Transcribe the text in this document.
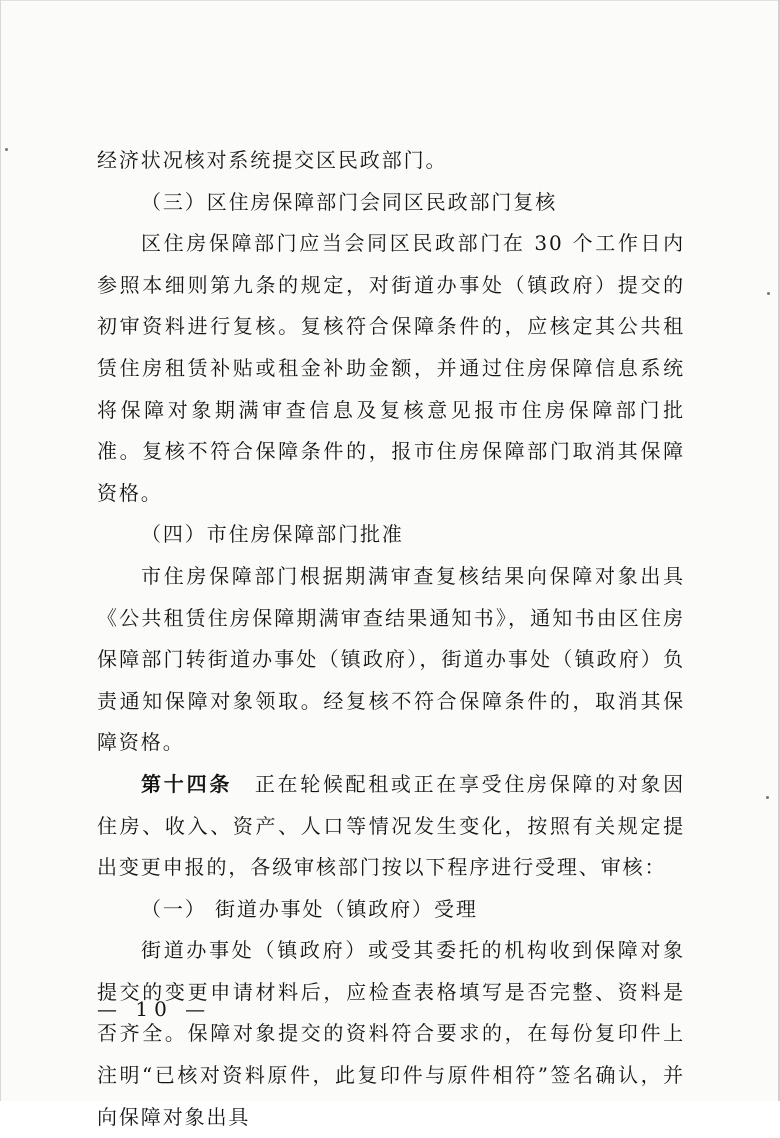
经济状况核对系统提交区民政部门。

（三）区住房保障部门会同区民政部门复核

区住房保障部门应当会同区民政部门在 30 个工作日内参照本细则第九条的规定，对街道办事处（镇政府）提交的初审资料进行复核。复核符合保障条件的，应核定其公共租赁住房租赁补贴或租金补助金额，并通过住房保障信息系统将保障对象期满审查信息及复核意见报市住房保障部门批准。复核不符合保障条件的，报市住房保障部门取消其保障资格。

（四）市住房保障部门批准

市住房保障部门根据期满审查复核结果向保障对象出具《公共租赁住房保障期满审查结果通知书》，通知书由区住房保障部门转街道办事处（镇政府），街道办事处（镇政府）负责通知保障对象领取。经复核不符合保障条件的，取消其保障资格。

第十四条　正在轮候配租或正在享受住房保障的对象因住房、收入、资产、人口等情况发生变化，按照有关规定提出变更申报的，各级审核部门按以下程序进行受理、审核：

（一） 街道办事处（镇政府）受理

街道办事处（镇政府）或受其委托的机构收到保障对象提交的变更申请材料后，应检查表格填写是否完整、资料是否齐全。保障对象提交的资料符合要求的，在每份复印件上注明“已核对资料原件，此复印件与原件相符”签名确认，并向保障对象出具

— 10 —
